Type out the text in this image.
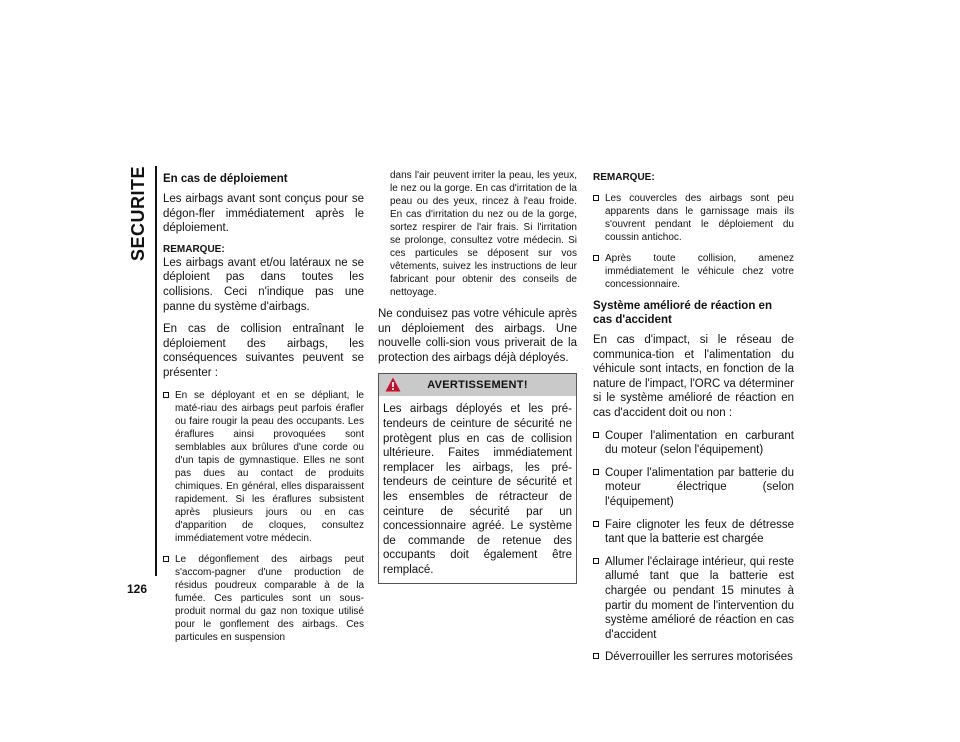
SECURITE
126
En cas de déploiement

Les airbags avant sont conçus pour se dégon-fler immédiatement après le déploiement.

REMARQUE:

Les airbags avant et/ou latéraux ne se déploient pas dans toutes les collisions. Ceci n'indique pas une panne du système d'airbags.

En cas de collision entraînant le déploiement des airbags, les conséquences suivantes peuvent se présenter :

En se déployant et en se dépliant, le maté-riau des airbags peut parfois érafler ou faire rougir la peau des occupants. Les éraflures ainsi provoquées sont semblables aux brûlures d'une corde ou d'un tapis de gymnastique. Elles ne sont pas dues au contact de produits chimiques. En général, elles disparaissent rapidement. Si les éraflures subsistent après plusieurs jours ou en cas d'apparition de cloques, consultez immédiatement votre médecin.
Le dégonflement des airbags peut s'accom-pagner d'une production de résidus poudreux comparable à de la fumée. Ces particules sont un sous-produit normal du gaz non toxique utilisé pour le gonflement des airbags. Ces particules en suspension
dans l'air peuvent irriter la peau, les yeux, le nez ou la gorge. En cas d'irritation de la peau ou des yeux, rincez à l'eau froide. En cas d'irritation du nez ou de la gorge, sortez respirer de l'air frais. Si l'irritation se prolonge, consultez votre médecin. Si ces particules se déposent sur vos vêtements, suivez les instructions de leur fabricant pour obtenir des conseils de nettoyage.

Ne conduisez pas votre véhicule après un déploiement des airbags. Une nouvelle colli-sion vous priverait de la protection des airbags déjà déployés.

AVERTISSEMENT!
Les airbags déployés et les pré-tendeurs de ceinture de sécurité ne protègent plus en cas de collision ultérieure. Faites immédiatement remplacer les airbags, les pré-tendeurs de ceinture de sécurité et les ensembles de rétracteur de ceinture de sécurité par un concessionnaire agréé. Le système de commande de retenue des occupants doit également être remplacé.
REMARQUE:
Les couvercles des airbags sont peu apparents dans le garnissage mais ils s'ouvrent pendant le déploiement du coussin antichoc.
Après toute collision, amenez immédiatement le véhicule chez votre concessionnaire.
Système amélioré de réaction en cas d'accident

En cas d'impact, si le réseau de communica-tion et l'alimentation du véhicule sont intacts, en fonction de la nature de l'impact, l'ORC va déterminer si le système amélioré de réaction en cas d'accident doit ou non :

Couper l'alimentation en carburant du moteur (selon l'équipement)
Couper l'alimentation par batterie du moteur électrique (selon l'équipement)
Faire clignoter les feux de détresse tant que la batterie est chargée
Allumer l'éclairage intérieur, qui reste allumé tant que la batterie est chargée ou pendant 15 minutes à partir du moment de l'intervention du système amélioré de réaction en cas d'accident
Déverrouiller les serrures motorisées
